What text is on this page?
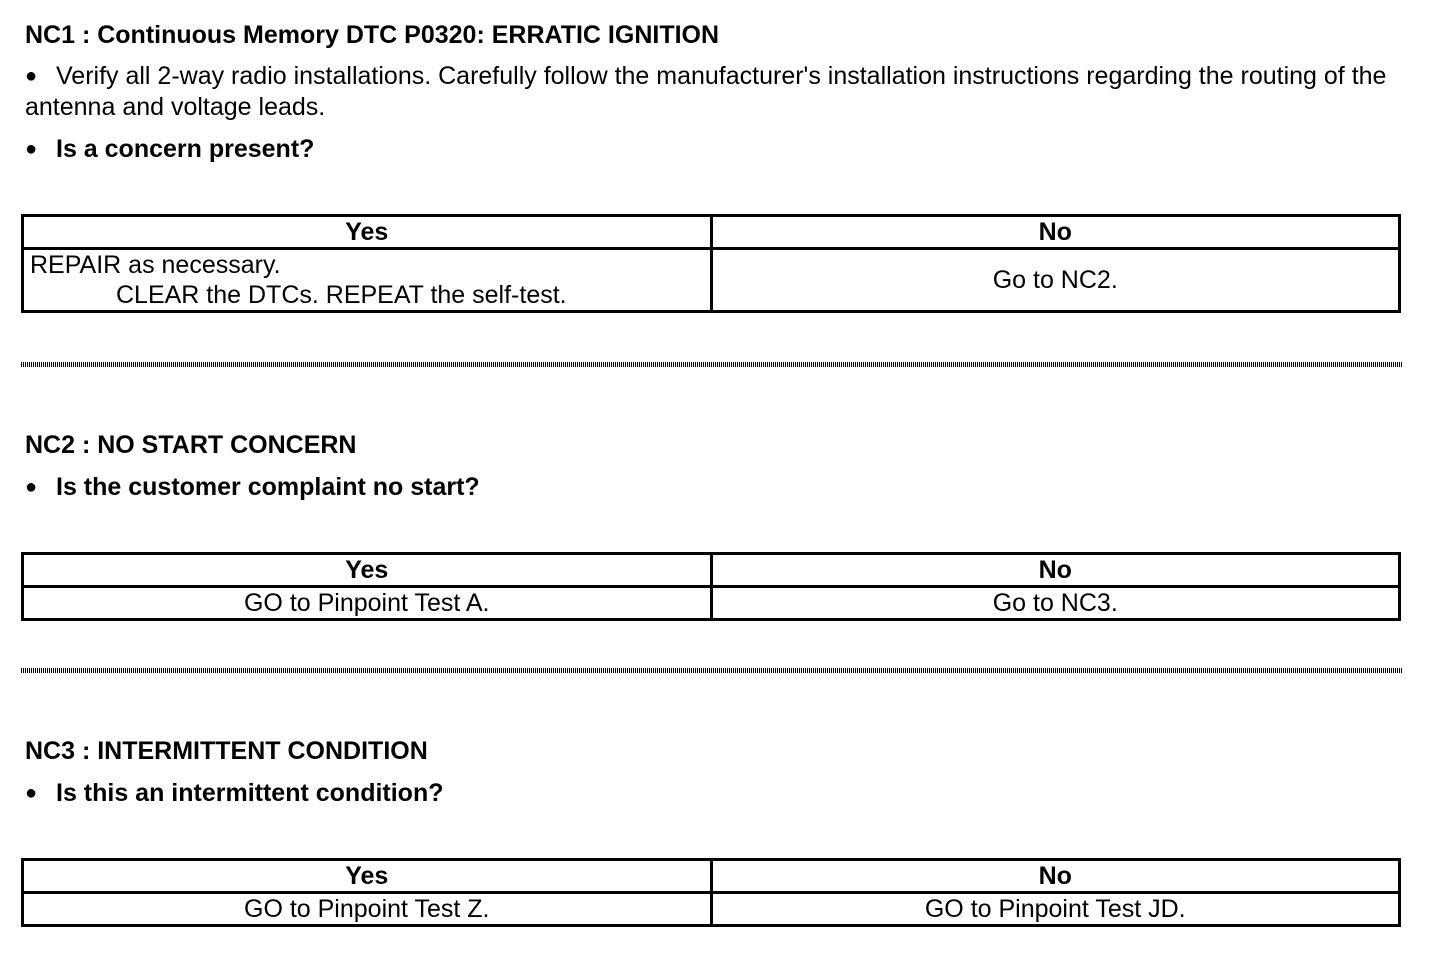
NC1 : Continuous Memory DTC P0320: ERRATIC IGNITION
● Verify all 2-way radio installations. Carefully follow the manufacturer's installation instructions regarding the routing of the antenna and voltage leads.
● Is a concern present?
Yes	No
REPAIR as necessary.
CLEAR the DTCs. REPEAT the self-test.	Go to NC2.
NC2 : NO START CONCERN
● Is the customer complaint no start?
Yes	No
GO to Pinpoint Test A.	Go to NC3.
NC3 : INTERMITTENT CONDITION
● Is this an intermittent condition?
Yes	No
GO to Pinpoint Test Z.	GO to Pinpoint Test JD.
